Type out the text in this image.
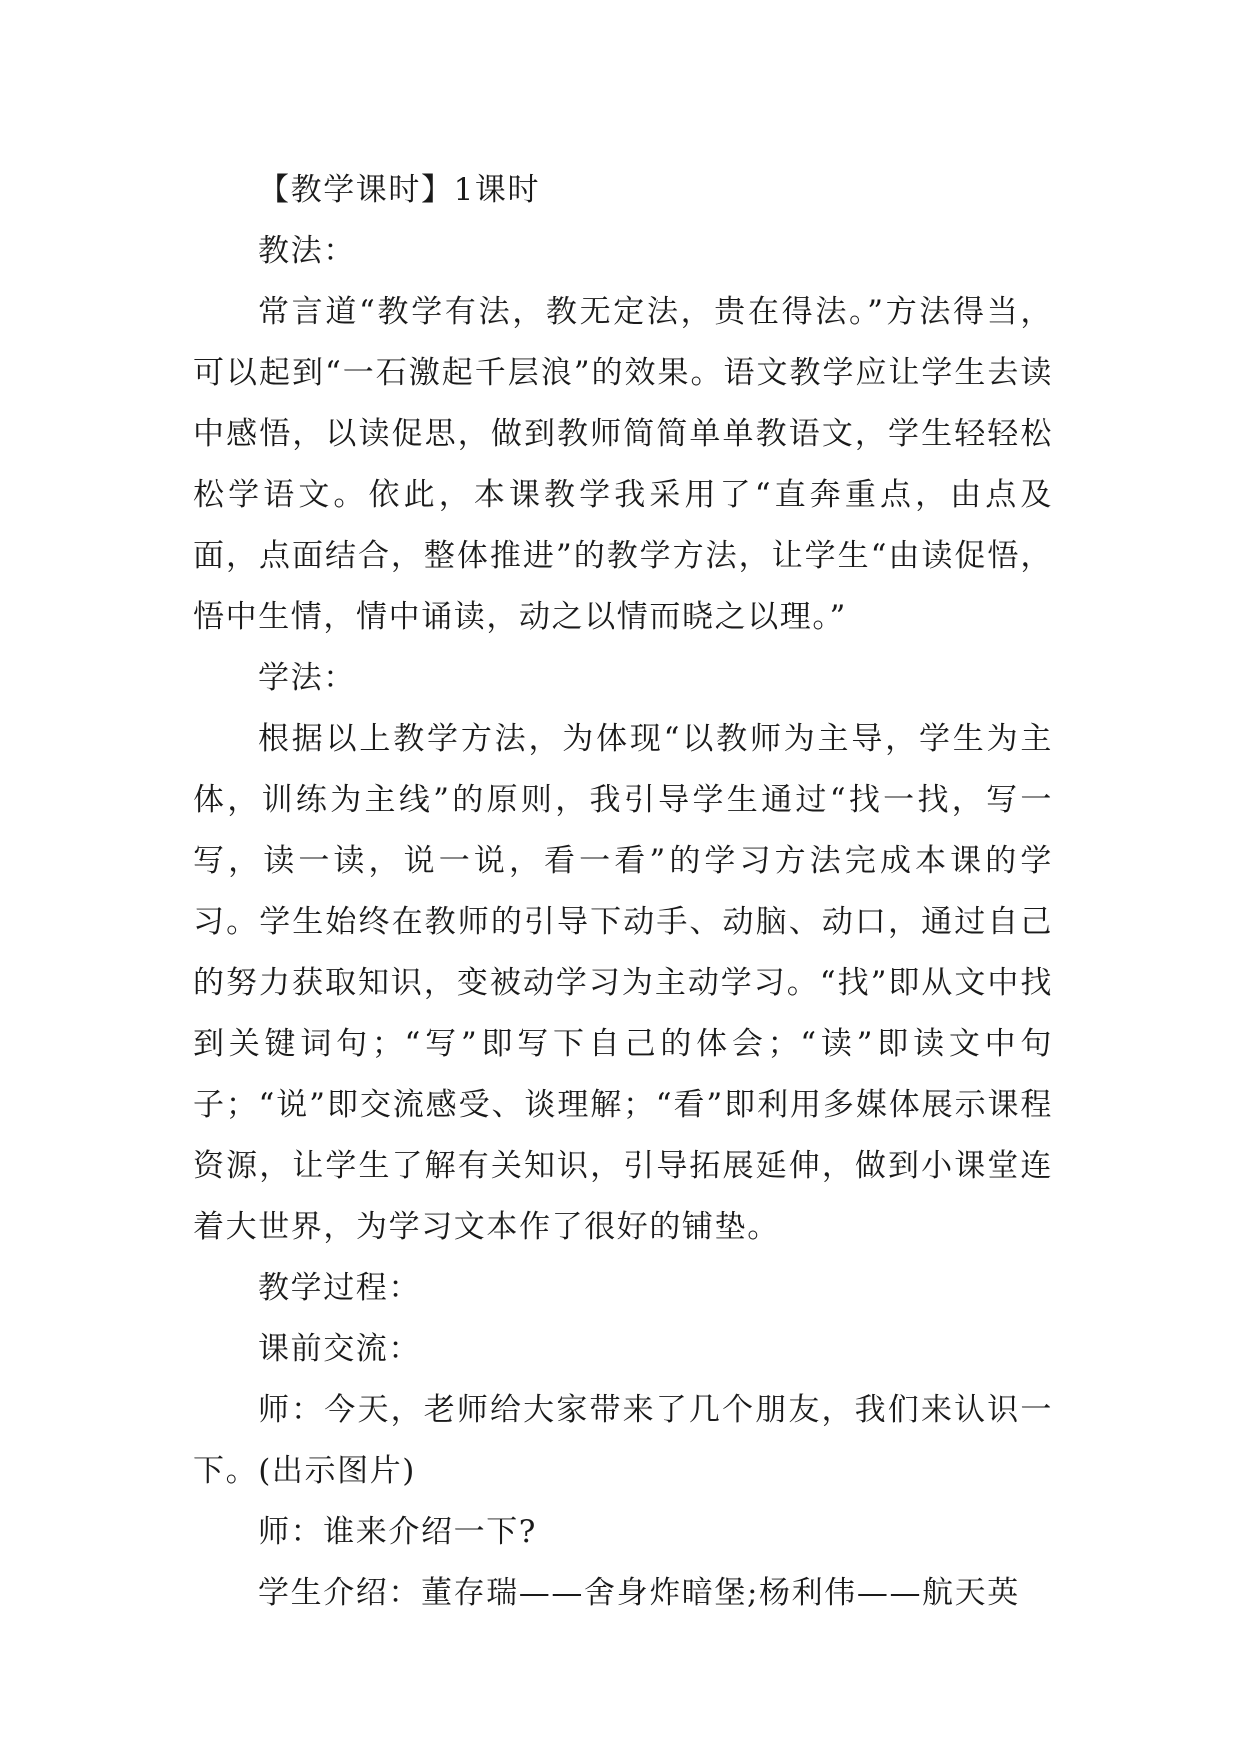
【教学课时】1课时

教法：

常言道“教学有法，教无定法，贵在得法。”方法得当，可以起到“一石激起千层浪”的效果。语文教学应让学生去读中感悟，以读促思，做到教师简简单单教语文，学生轻轻松松学语文。依此，本课教学我采用了“直奔重点，由点及面，点面结合，整体推进”的教学方法，让学生“由读促悟，悟中生情，情中诵读，动之以情而晓之以理。”

学法：

根据以上教学方法，为体现“以教师为主导，学生为主体，训练为主线”的原则，我引导学生通过“找一找，写一写，读一读，说一说，看一看”的学习方法完成本课的学习。学生始终在教师的引导下动手、动脑、动口，通过自己的努力获取知识，变被动学习为主动学习。“找”即从文中找到关键词句；“写”即写下自己的体会；“读”即读文中句子；“说”即交流感受、谈理解；“看”即利用多媒体展示课程资源，让学生了解有关知识，引导拓展延伸，做到小课堂连着大世界，为学习文本作了很好的铺垫。

教学过程：

课前交流：

师：今天，老师给大家带来了几个朋友，我们来认识一下。(出示图片)

师：谁来介绍一下?

学生介绍：董存瑞——舍身炸暗堡;杨利伟——航天英
